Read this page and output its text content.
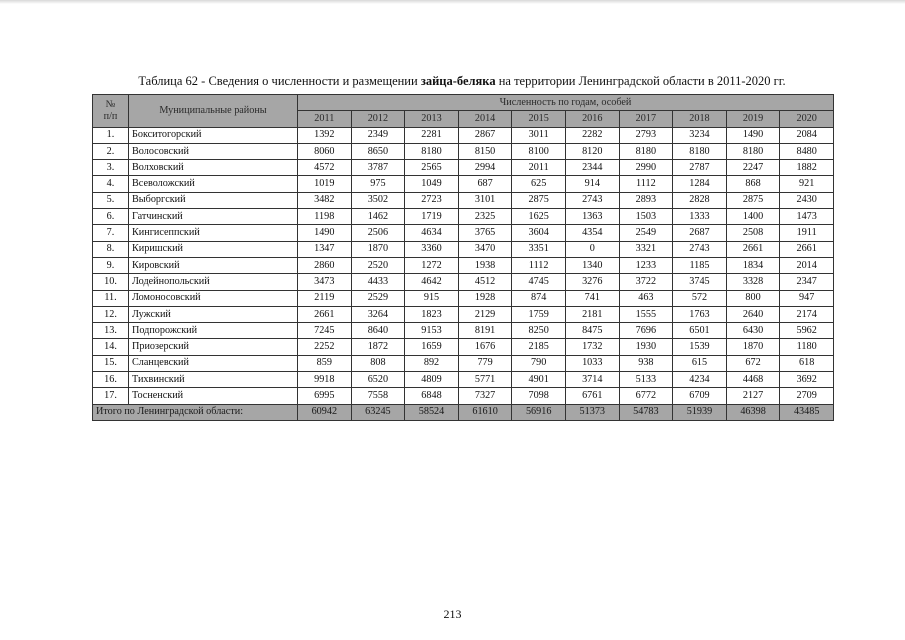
Таблица 62 - Сведения о численности и размещении зайца-беляка на территории Ленинградской области в 2011-2020 гг.
№
п/п	Муниципальные районы	Численность по годам, особей									
		2011	2012	2013	2014	2015	2016	2017	2018	2019	2020
1.	Бокситогорский	1392	2349	2281	2867	3011	2282	2793	3234	1490	2084
2.	Волосовский	8060	8650	8180	8150	8100	8120	8180	8180	8180	8480
3.	Волховский	4572	3787	2565	2994	2011	2344	2990	2787	2247	1882
4.	Всеволожский	1019	975	1049	687	625	914	1112	1284	868	921
5.	Выборгский	3482	3502	2723	3101	2875	2743	2893	2828	2875	2430
6.	Гатчинский	1198	1462	1719	2325	1625	1363	1503	1333	1400	1473
7.	Кингисеппский	1490	2506	4634	3765	3604	4354	2549	2687	2508	1911
8.	Киришский	1347	1870	3360	3470	3351	0	3321	2743	2661	2661
9.	Кировский	2860	2520	1272	1938	1112	1340	1233	1185	1834	2014
10.	Лодейнопольский	3473	4433	4642	4512	4745	3276	3722	3745	3328	2347
11.	Ломоносовский	2119	2529	915	1928	874	741	463	572	800	947
12.	Лужский	2661	3264	1823	2129	1759	2181	1555	1763	2640	2174
13.	Подпорожский	7245	8640	9153	8191	8250	8475	7696	6501	6430	5962
14.	Приозерский	2252	1872	1659	1676	2185	1732	1930	1539	1870	1180
15.	Сланцевский	859	808	892	779	790	1033	938	615	672	618
16.	Тихвинский	9918	6520	4809	5771	4901	3714	5133	4234	4468	3692
17.	Тосненский	6995	7558	6848	7327	7098	6761	6772	6709	2127	2709
Итого по Ленинградской области:		60942	63245	58524	61610	56916	51373	54783	51939	46398	43485
213
